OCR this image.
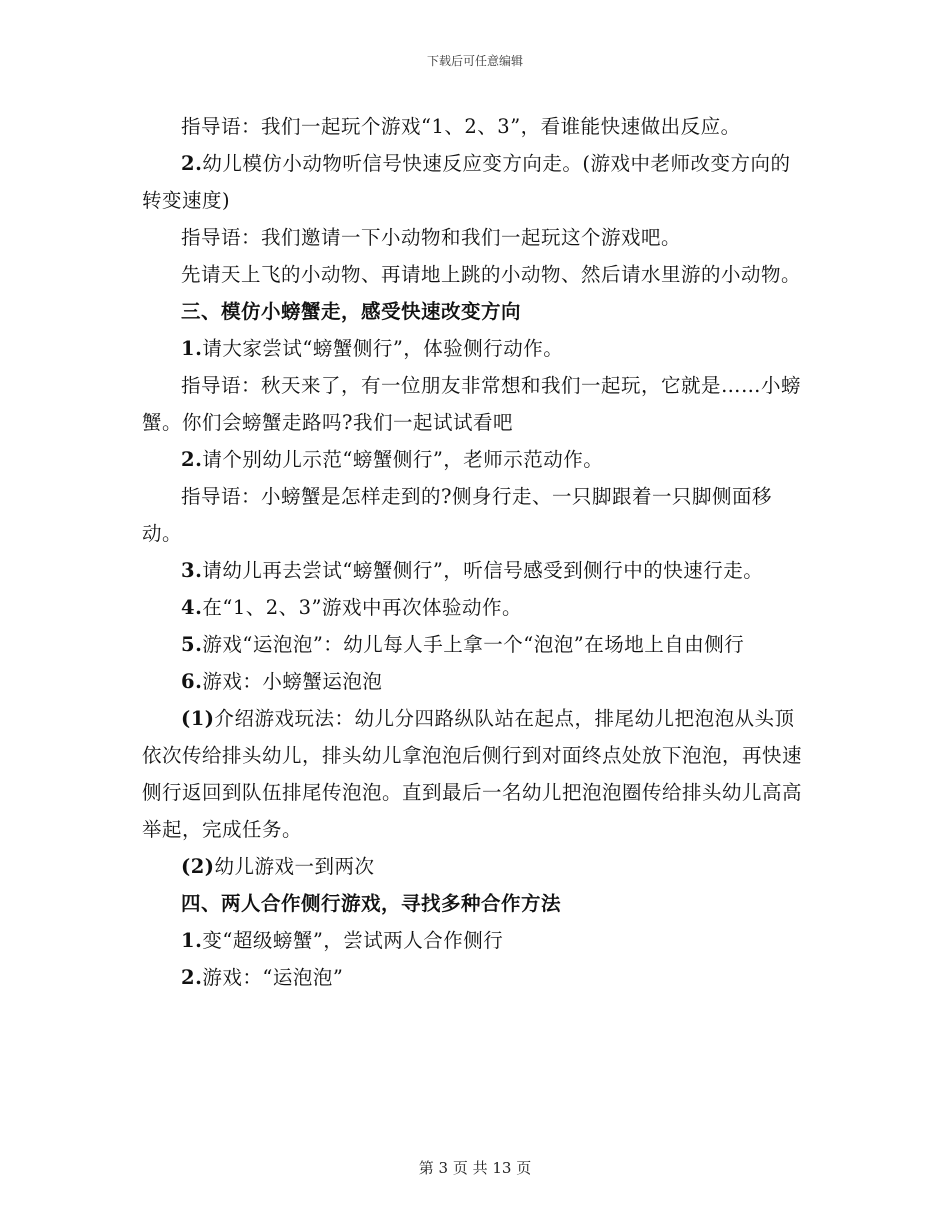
下载后可任意编辑

指导语：我们一起玩个游戏“1、2、3”，看谁能快速做出反应。

2.幼儿模仿小动物听信号快速反应变方向走。(游戏中老师改变方向的转变速度)

指导语：我们邀请一下小动物和我们一起玩这个游戏吧。

先请天上飞的小动物、再请地上跳的小动物、然后请水里游的小动物。

三、模仿小螃蟹走，感受快速改变方向

1.请大家尝试“螃蟹侧行”，体验侧行动作。

指导语：秋天来了，有一位朋友非常想和我们一起玩，它就是……小螃蟹。你们会螃蟹走路吗?我们一起试试看吧

2.请个别幼儿示范“螃蟹侧行”，老师示范动作。

指导语：小螃蟹是怎样走到的?侧身行走、一只脚跟着一只脚侧面移动。

3.请幼儿再去尝试“螃蟹侧行”，听信号感受到侧行中的快速行走。

4.在“1、2、3”游戏中再次体验动作。

5.游戏“运泡泡”：幼儿每人手上拿一个“泡泡”在场地上自由侧行

6.游戏：小螃蟹运泡泡

(1)介绍游戏玩法：幼儿分四路纵队站在起点，排尾幼儿把泡泡从头顶依次传给排头幼儿，排头幼儿拿泡泡后侧行到对面终点处放下泡泡，再快速侧行返回到队伍排尾传泡泡。直到最后一名幼儿把泡泡圈传给排头幼儿高高举起，完成任务。

(2)幼儿游戏一到两次

四、两人合作侧行游戏，寻找多种合作方法

1.变“超级螃蟹”，尝试两人合作侧行

2.游戏：“运泡泡”

第 3 页 共 13 页
